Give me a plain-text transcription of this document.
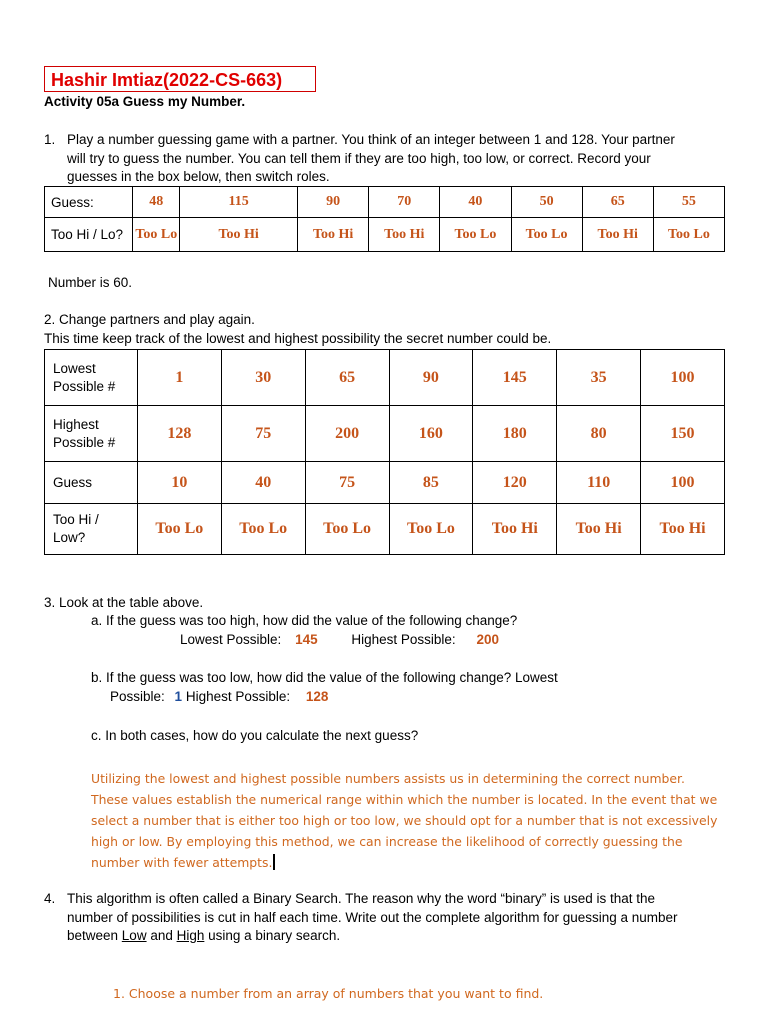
Hashir Imtiaz(2022-CS-663)
Activity 05a Guess my Number.
1. Play a number guessing game with a partner. You think of an integer between 1 and 128. Your partner
will try to guess the number. You can tell them if they are too high, too low, or correct. Record your
guesses in the box below, then switch roles.
Guess:	48	115	90	70	40	50	65	55
Too Hi / Lo?	Too Lo	Too Hi	Too Hi	Too Hi	Too Lo	Too Lo	Too Hi	Too Lo
Number is 60.
2. Change partners and play again.
This time keep track of the lowest and highest possibility the secret number could be.
Lowest
Possible #	1	30	65	90	145	35	100

Highest
Possible #	128	75	200	160	180	80	150
Guess	10	40	75	85	120	110	100

Too Hi /
Low?	Too Lo	Too Lo	Too Lo	Too Lo	Too Hi	Too Hi	Too Hi
3. Look at the table above.
a. If the guess was too high, how did the value of the following change?
Lowest Possible: 145	Highest Possible: 200
b. If the guess was too low, how did the value of the following change? Lowest
Possible: 1 Highest Possible: 128
c. In both cases, how do you calculate the next guess?
Utilizing the lowest and highest possible numbers assists us in determining the correct number. These values establish the numerical range within which the number is located. In the event that we select a number that is either too high or too low, we should opt for a number that is not excessively high or low. By employing this method, we can increase the likelihood of correctly guessing the number with fewer attempts.
4. This algorithm is often called a Binary Search. The reason why the word “binary” is used is that the
number of possibilities is cut in half each time. Write out the complete algorithm for guessing a number
between Low and High using a binary search.
1. Choose a number from an array of numbers that you want to find.
